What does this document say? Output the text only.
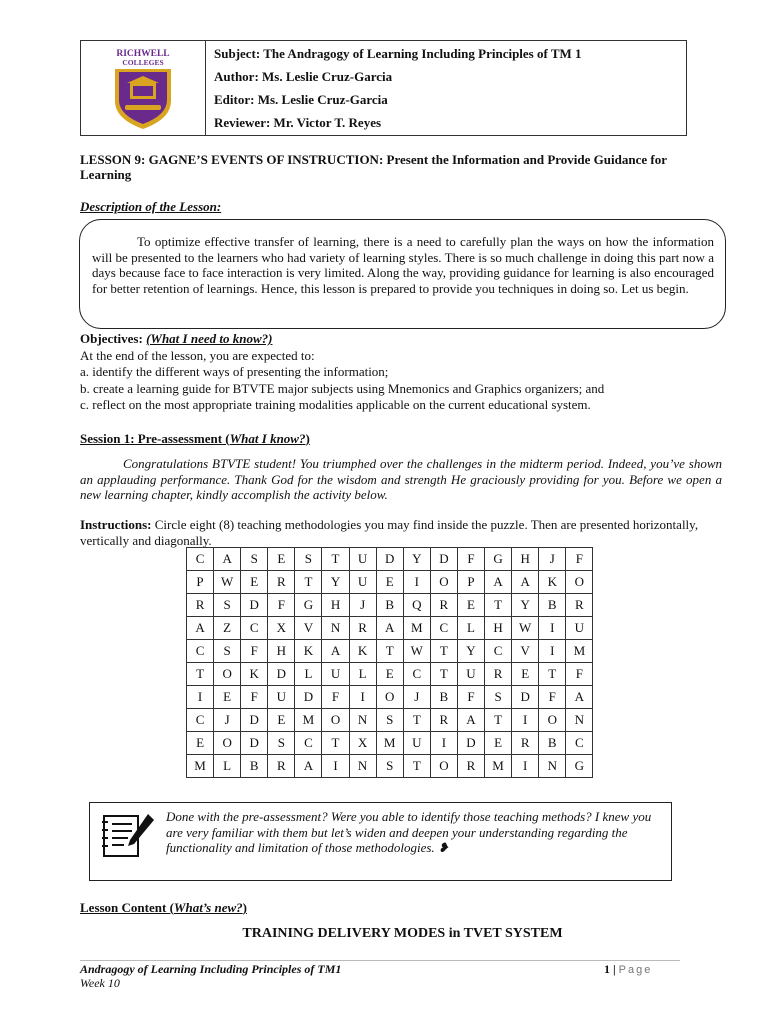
RICHWELL
COLLEGES
Subject: The Andragogy of Learning Including Principles of TM 1
Author: Ms. Leslie Cruz-Garcia
Editor: Ms. Leslie Cruz-Garcia
Reviewer: Mr. Victor T. Reyes
LESSON 9: GAGNE’S EVENTS OF INSTRUCTION: Present the Information and Provide Guidance for Learning
Description of the Lesson:

To optimize effective transfer of learning, there is a need to carefully plan the ways on how the information will be presented to the learners who had variety of learning styles. There is so much challenge in doing this part now a days because face to face interaction is very limited. Along the way, providing guidance for learning is also encouraged for better retention of learnings. Hence, this lesson is prepared to provide you techniques in doing so. Let us begin.

Objectives: (What I need to know?)
At the end of the lesson, you are expected to:
a. identify the different ways of presenting the information;
b. create a learning guide for BTVTE major subjects using Mnemonics and Graphics organizers; and
c. reflect on the most appropriate training modalities applicable on the current educational system.
Session 1: Pre-assessment (What I know?)
Congratulations BTVTE student! You triumphed over the challenges in the midterm period. Indeed, you’ve shown an applauding performance. Thank God for the wisdom and strength He graciously providing for you. Before we open a new learning chapter, kindly accomplish the activity below.
Instructions: Circle eight (8) teaching methodologies you may find inside the puzzle. Then are presented horizontally, vertically and diagonally.
C	A	S	E	S	T	U	D	Y	D	F	G	H	J	F
P	W	E	R	T	Y	U	E	I	O	P	A	A	K	O
R	S	D	F	G	H	J	B	Q	R	E	T	Y	B	R
A	Z	C	X	V	N	R	A	M	C	L	H	W	I	U
C	S	F	H	K	A	K	T	W	T	Y	C	V	I	M
T	O	K	D	L	U	L	E	C	T	U	R	E	T	F
I	E	F	U	D	F	I	O	J	B	F	S	D	F	A
C	J	D	E	M	O	N	S	T	R	A	T	I	O	N
E	O	D	S	C	T	X	M	U	I	D	E	R	B	C
M	L	B	R	A	I	N	S	T	O	R	M	I	N	G
Done with the pre-assessment? Were you able to identify those teaching methods? I knew you are very familiar with them but let’s widen and deepen your understanding regarding the functionality and limitation of those methodologies. ❥
Lesson Content (What’s new?)
TRAINING DELIVERY MODES in TVET SYSTEM
Andragogy of Learning Including Principles of TM1
Week 10
1 | Page
